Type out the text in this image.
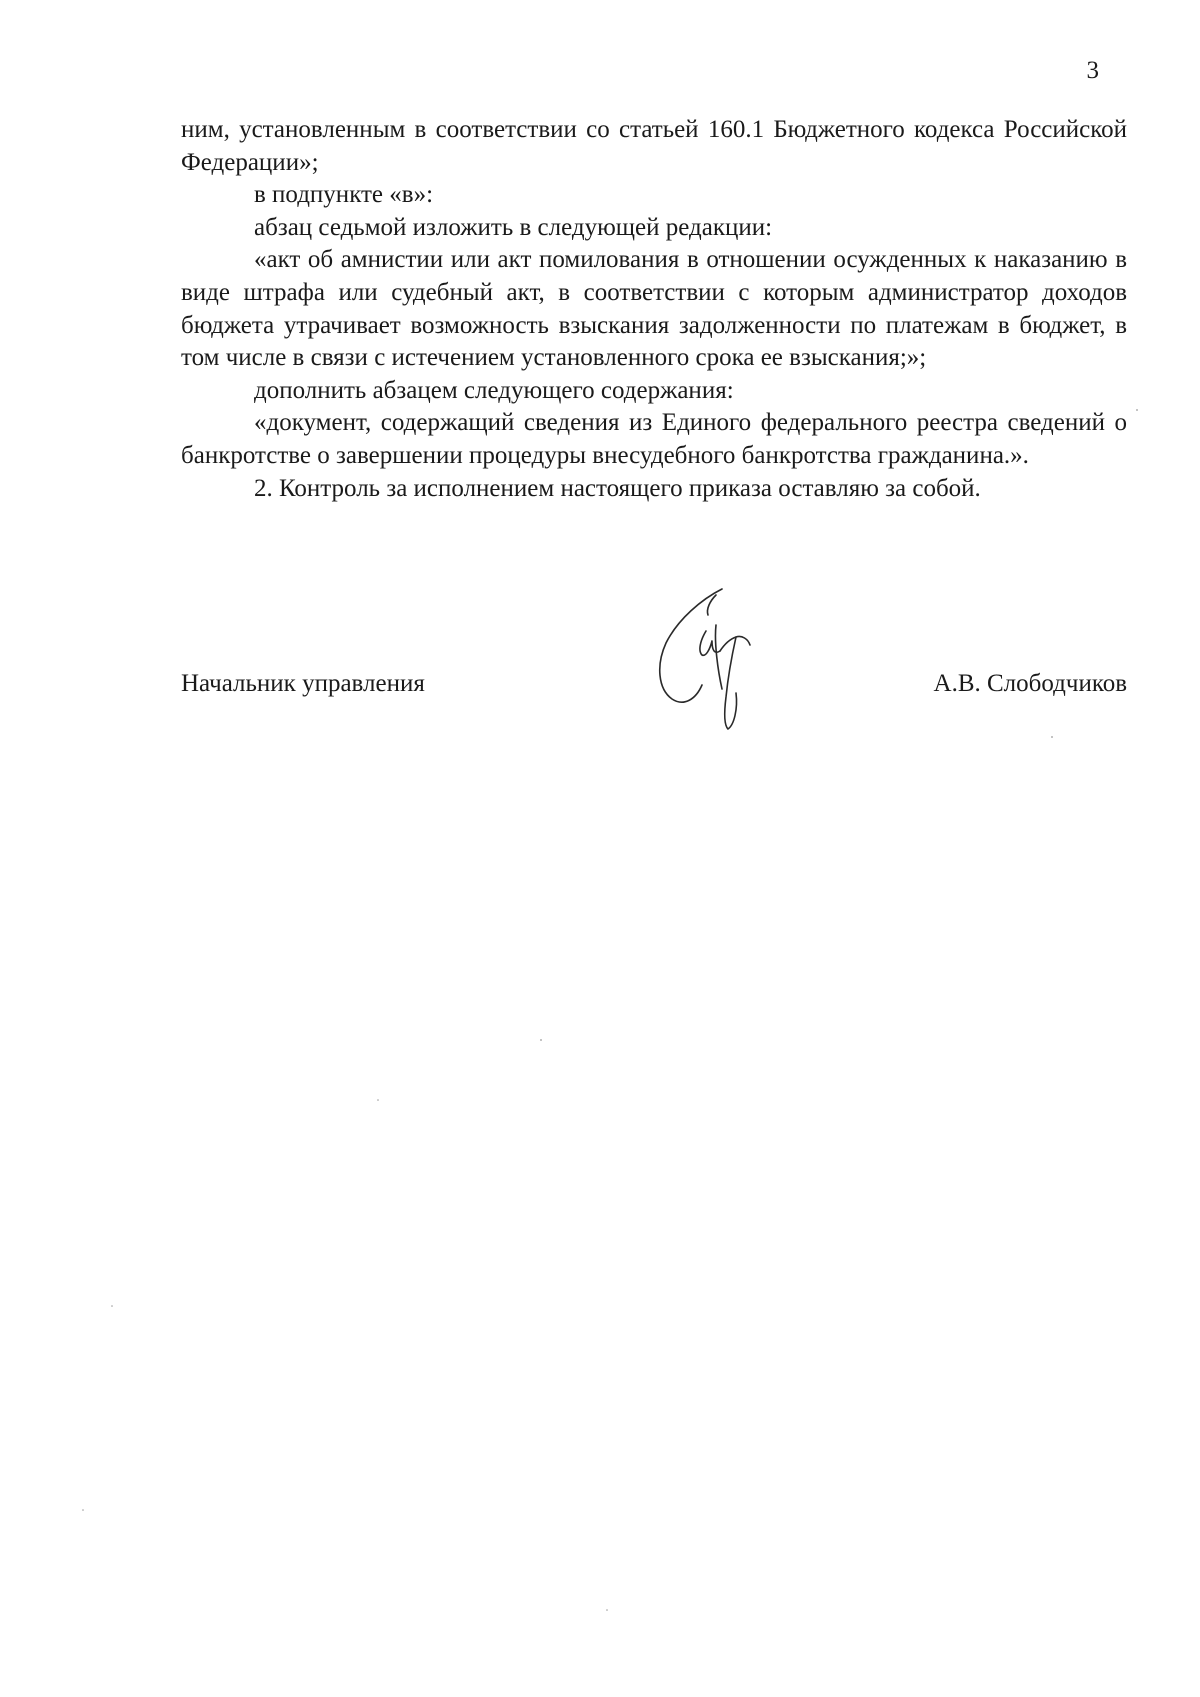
3

ним, установленным в соответствии со статьей 160.1 Бюджетного кодекса Российской Федерации»;

в подпункте «в»:

абзац седьмой изложить в следующей редакции:

«акт об амнистии или акт помилования в отношении осужденных к наказанию в виде штрафа или судебный акт, в соответствии с которым администратор доходов бюджета утрачивает возможность взыскания задолженности по платежам в бюджет, в том числе в связи с истечением установленного срока ее взыскания;»;

дополнить абзацем следующего содержания:

«документ, содержащий сведения из Единого федерального реестра сведений о банкротстве о завершении процедуры внесудебного банкротства гражданина.».

2. Контроль за исполнением настоящего приказа оставляю за собой.

Начальник управления	А.В. Слободчиков
